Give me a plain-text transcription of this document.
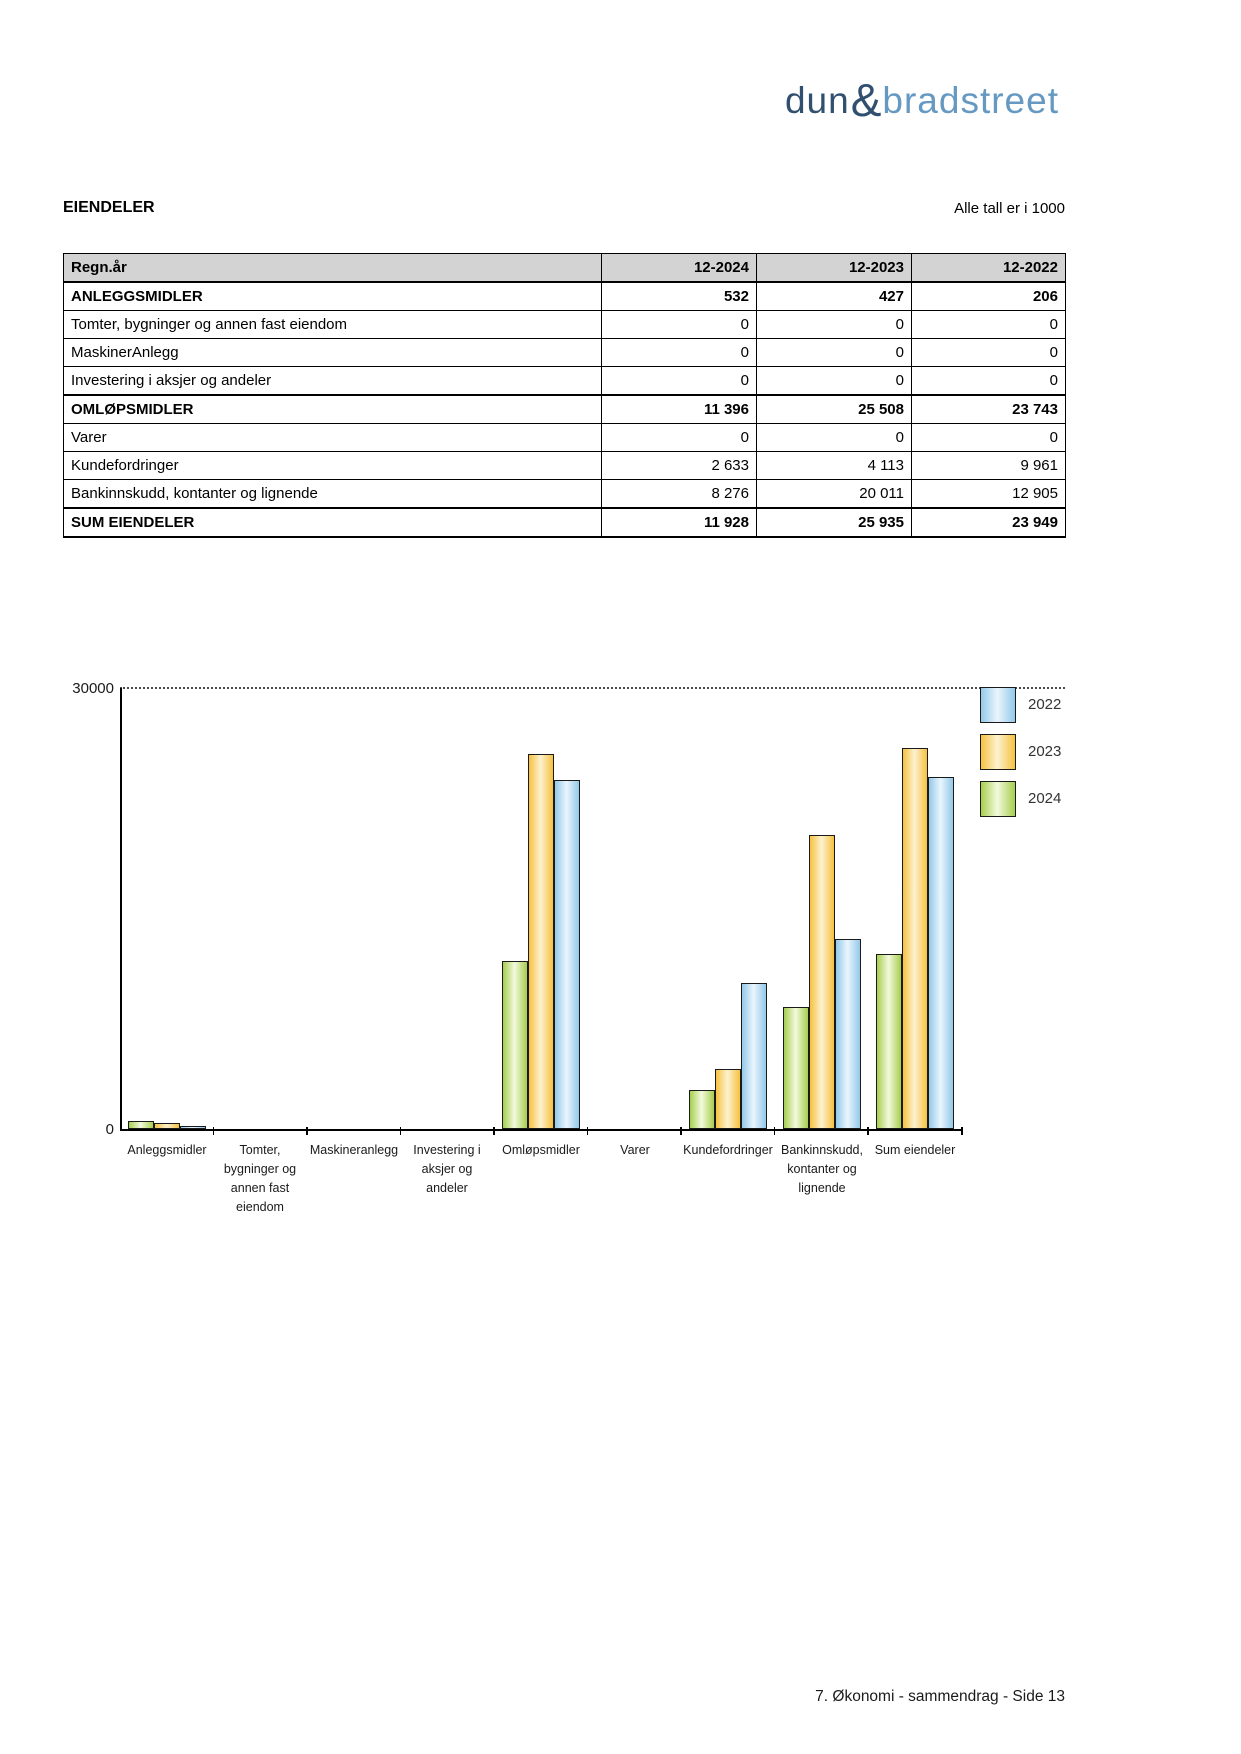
dun&bradstreet
EIENDELER	Alle tall er i 1000
Regn.år	12-2024	12-2023	12-2022
ANLEGGSMIDLER	532	427	206
Tomter, bygninger og annen fast eiendom	0	0	0
MaskinerAnlegg	0	0	0
Investering i aksjer og andeler	0	0	0
OMLØPSMIDLER	11 396	25 508	23 743
Varer	0	0	0
Kundefordringer	2 633	4 113	9 961
Bankinnskudd, kontanter og lignende	8 276	20 011	12 905
SUM EIENDELER	11 928	25 935	23 949
30000
0
Anleggsmidler	Tomter,
bygninger og
annen fast
eiendom
Maskineranlegg	Investering i
aksjer og
andeler
Omløpsmidler	Varer	Kundefordringer Bankinnskudd,
kontanter og
lignende
Sum eiendeler
2022
2023
2024
7. Økonomi - sammendrag - Side 13
